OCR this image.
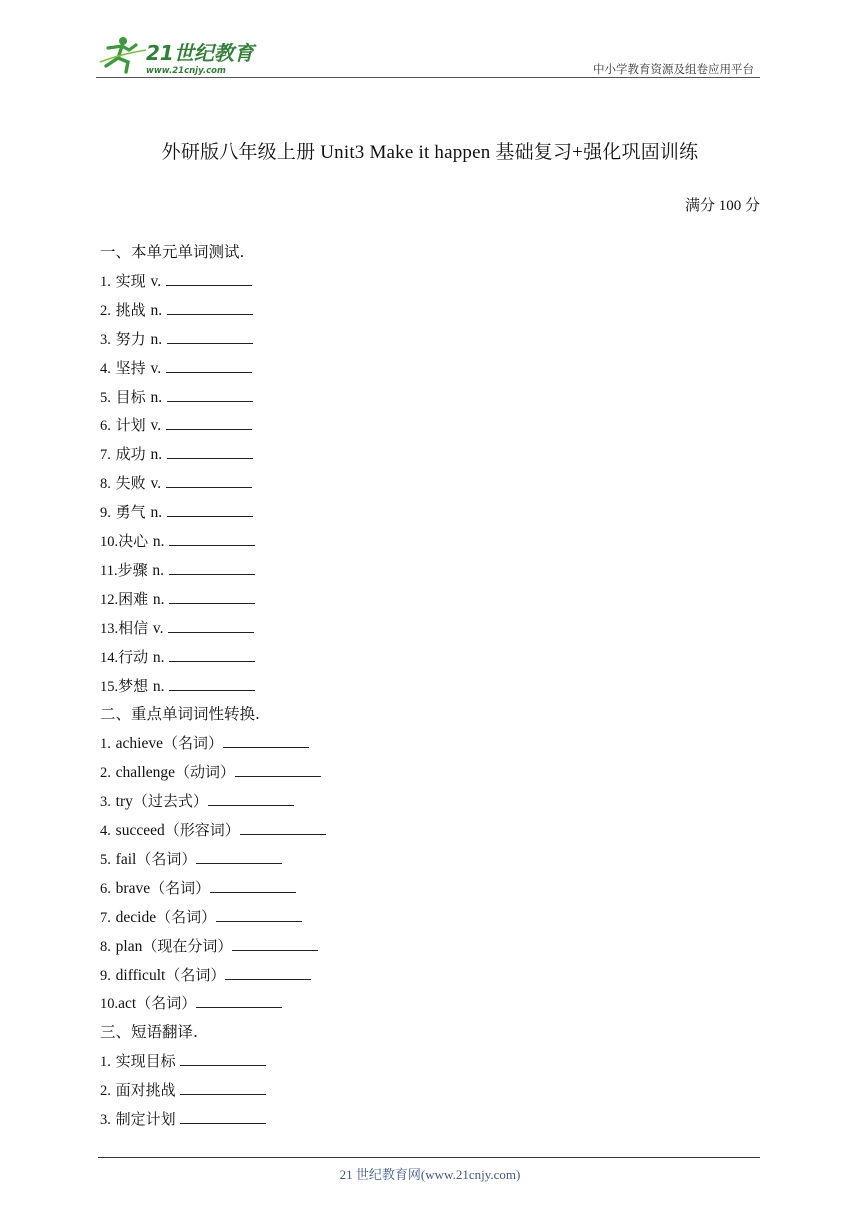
21世纪教育
www.21cnjy.com	中小学教育资源及组卷应用平台
外研版八年级上册 Unit3 Make it happen 基础复习+强化巩固训练
满分 100 分
一、本单元单词测试.
1. 实现 v.
2. 挑战 n.
3. 努力 n.
4. 坚持 v.
5. 目标 n.
6. 计划 v.
7. 成功 n.
8. 失败 v.
9. 勇气 n.
10.决心 n.
11.步骤 n.
12.困难 n.
13.相信 v.
14.行动 n.
15.梦想 n.
二、重点单词词性转换.
1. achieve（名词）
2. challenge（动词）
3. try（过去式）
4. succeed（形容词）
5. fail（名词）
6. brave（名词）
7. decide（名词）
8. plan（现在分词）
9. difficult（名词）
10.act（名词）
三、短语翻译.
1. 实现目标
2. 面对挑战
3. 制定计划
21 世纪教育网(www.21cnjy.com)
